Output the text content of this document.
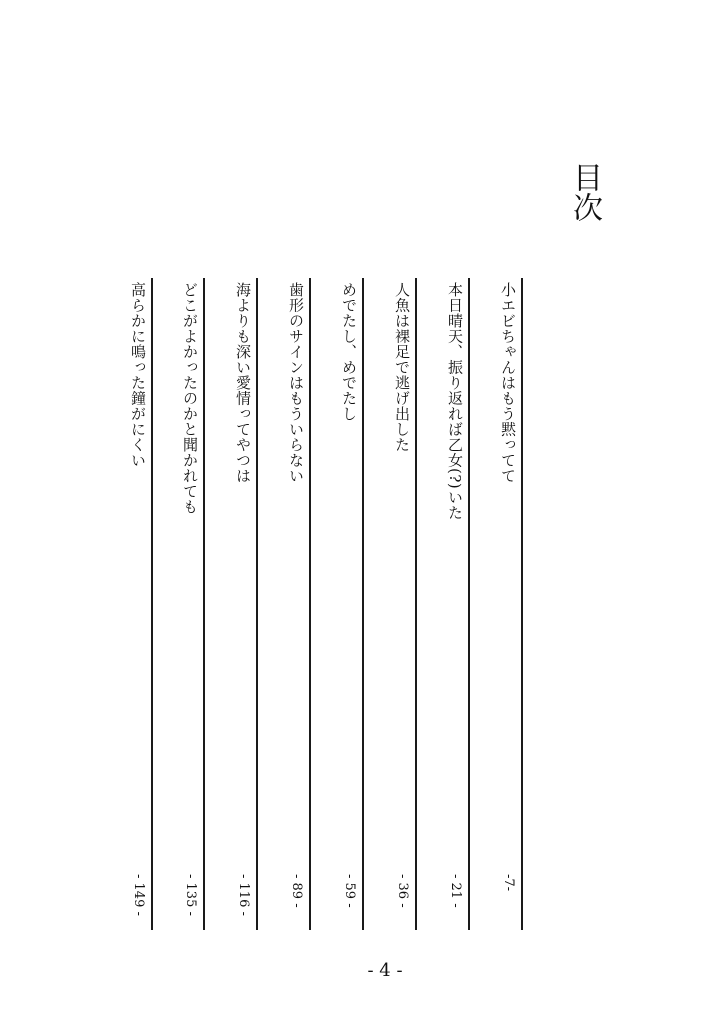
目次
小エビちゃんはもう黙ってて
-7-
本日晴天、振り返れば乙女(?)いた
- 21 -
人魚は裸足で逃げ出した
- 36 -
めでたし、めでたし
- 59 -
歯形のサインはもういらない
- 89 -
海よりも深い愛情ってやつは
- 116 -
どこがよかったのかと聞かれても
- 135 -
高らかに鳴った鐘がにくい
- 149 -
- 4 -
